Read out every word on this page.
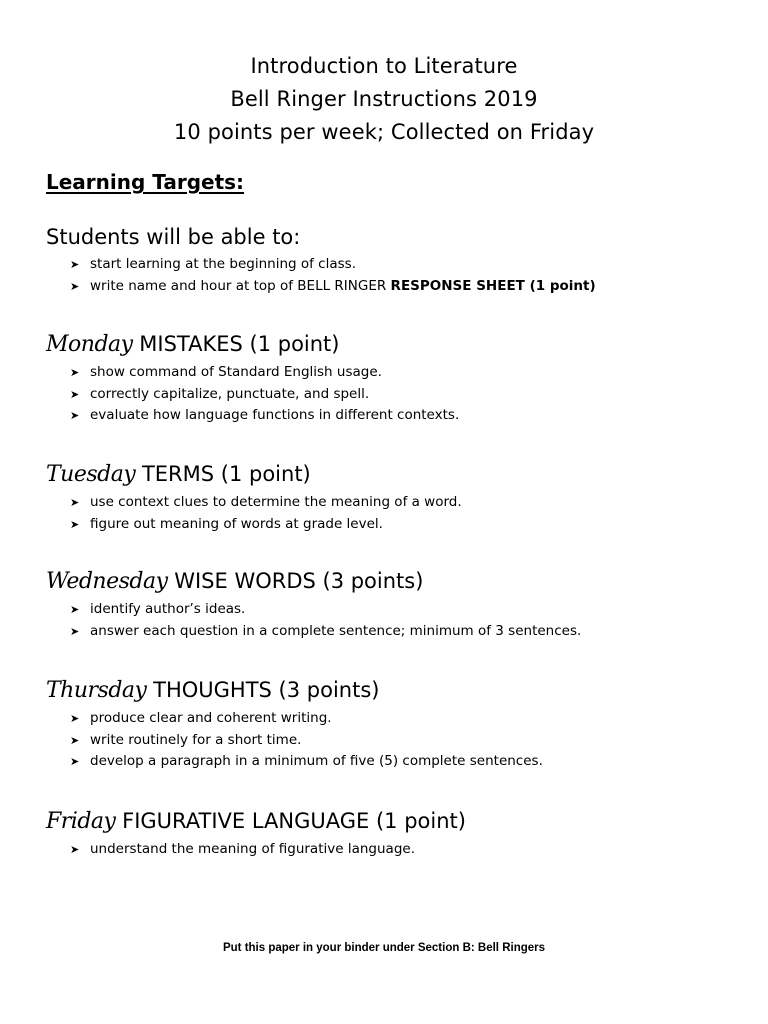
Introduction to Literature
Bell Ringer Instructions 2019
10 points per week; Collected on Friday
Learning Targets:
Students will be able to:
➤ start learning at the beginning of class.
➤ write name and hour at top of BELL RINGER RESPONSE SHEET (1 point)
Monday MISTAKES (1 point)
➤ show command of Standard English usage.
➤ correctly capitalize, punctuate, and spell.
➤ evaluate how language functions in different contexts.
Tuesday TERMS (1 point)
➤ use context clues to determine the meaning of a word.
➤ figure out meaning of words at grade level.
Wednesday WISE WORDS (3 points)
➤ identify author’s ideas.
➤ answer each question in a complete sentence; minimum of 3 sentences.
Thursday THOUGHTS (3 points)
➤ produce clear and coherent writing.
➤ write routinely for a short time.
➤ develop a paragraph in a minimum of five (5) complete sentences.
Friday FIGURATIVE LANGUAGE (1 point)
➤ understand the meaning of figurative language.
Put this paper in your binder under Section B: Bell Ringers
